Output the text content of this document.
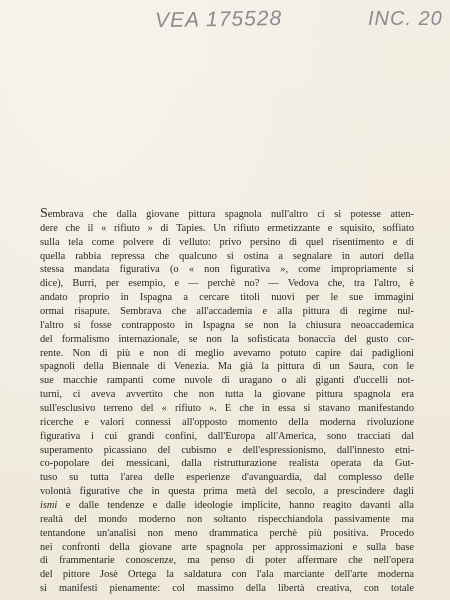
VEA 175528	INC. 20
Sembrava che dalla giovane pittura spagnola null'altro ci si potesse atten-
dere che il « rifiuto » di Tapies. Un rifiuto ermetizzante e squisito, soffiato
sulla tela come polvere di velluto: privo persino di quel risentimento e di
quella rabbia repressa che qualcuno si ostina a segnalare in autori della
stessa mandata figurativa (o « non figurativa », come impropriamente si
dice), Burri, per esempio, e — perchè no? — Vedova che, tra l'altro, è
andato proprio in Ispagna a cercare titoli nuovi per le sue immagini
ormai risapute. Sembrava che all'accademia e alla pittura di regime nul-
l'altro si fosse contrapposto in Ispagna se non la chiusura neoaccademica
del formalismo internazionale, se non la sofisticata bonaccia del gusto cor-
rente. Non di più e non di meglio avevamo potuto capire dai padiglioni
spagnoli della Biennale di Venezia. Ma già la pittura di un Saura, con le
sue macchie rampanti come nuvole di uragano o ali giganti d'uccelli not-
turni, ci aveva avvertito che non tutta la giovane pittura spagnola era
sull'esclusivo terreno del « rifiuto ». E che in essa si stavano manifestando
ricerche e valori connessi all'opposto momento della moderna rivoluzione
figurativa i cui grandi confini, dall'Europa all'America, sono tracciati dal
superamento picassiano del cubismo e dell'espressionismo, dall'innesto etni-
co-popolare dei messicani, dalla ristrutturazione realista operata da Gut-
tuso su tutta l'area delle esperienze d'avanguardia, dal complesso delle
volontà figurative che in questa prima metà del secolo, a prescindere dagli
ismi e dalle tendenze e dalle ideologie implicite, hanno reagito davanti alla
realtà del mondo moderno non soltanto rispecchiandola passivamente ma
tentandone un'analisi non meno drammatica perchè più positiva. Procedo
nei confronti della giovane arte spagnola per approssimazioni e sulla base
di frammentarie conoscenze, ma penso di poter affermare che nell'opera
del pittore Josè Ortega la saldatura con l'ala marciante dell'arte moderna
si manifesti pienamente: col massimo della libertà creativa, con totale
